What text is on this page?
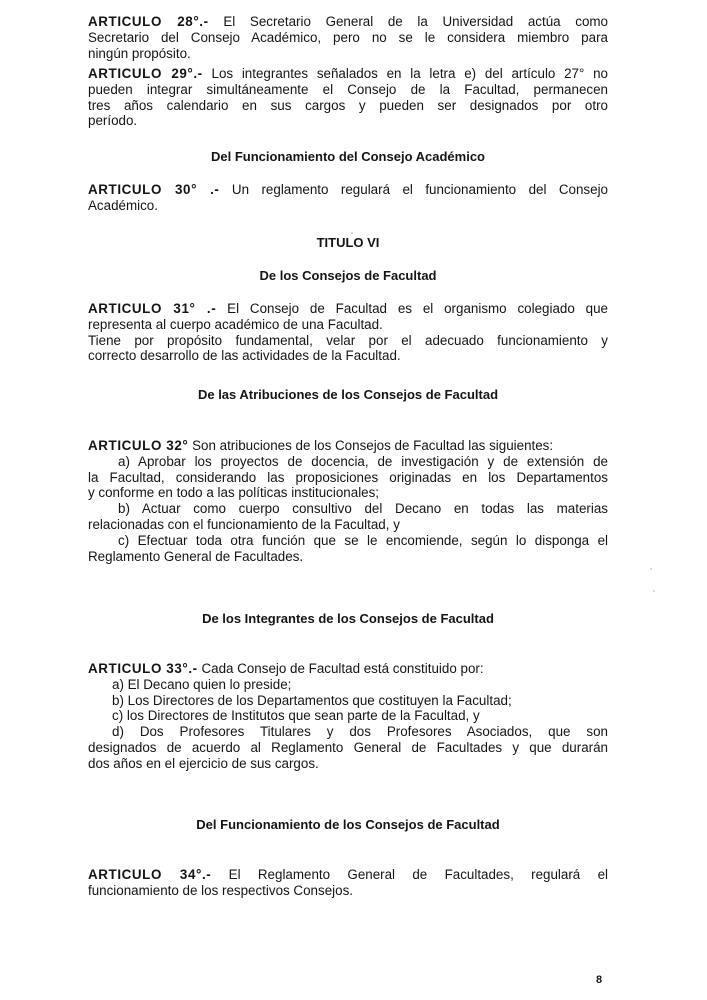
ARTICULO 28°.- El Secretario General de la Universidad actúa como
Secretario del Consejo Académico, pero no se le considera miembro para
ningún propósito.
ARTICULO 29°.- Los integrantes señalados en la letra e) del artículo 27° no
pueden integrar simultáneamente el Consejo de la Facultad, permanecen
tres años calendario en sus cargos y pueden ser designados por otro
período.
Del Funcionamiento del Consejo Académico
ARTICULO 30° .- Un reglamento regulará el funcionamiento del Consejo
Académico.
TITULO VI
De los Consejos de Facultad
ARTICULO 31° .- El Consejo de Facultad es el organismo colegiado que
representa al cuerpo académico de una Facultad.
Tiene por propósito fundamental, velar por el adecuado funcionamiento y
correcto desarrollo de las actividades de la Facultad.
De las Atribuciones de los Consejos de Facultad
ARTICULO 32° Son atribuciones de los Consejos de Facultad las siguientes:
a) Aprobar los proyectos de docencia, de investigación y de extensión de
la Facultad, considerando las proposiciones originadas en los Departamentos
y conforme en todo a las políticas institucionales;
b) Actuar como cuerpo consultivo del Decano en todas las materias
relacionadas con el funcionamiento de la Facultad, y
c) Efectuar toda otra función que se le encomiende, según lo disponga el
Reglamento General de Facultades.
De los Integrantes de los Consejos de Facultad
ARTICULO 33°.- Cada Consejo de Facultad está constituido por:
a) El Decano quien lo preside;
b) Los Directores de los Departamentos que costituyen la Facultad;
c) los Directores de Institutos que sean parte de la Facultad, y
d) Dos Profesores Titulares y dos Profesores Asociados, que son
designados de acuerdo al Reglamento General de Facultades y que durarán
dos años en el ejercicio de sus cargos.
Del Funcionamiento de los Consejos de Facultad
ARTICULO 34°.- El Reglamento General de Facultades, regulará el
funcionamiento de los respectivos Consejos.
8
